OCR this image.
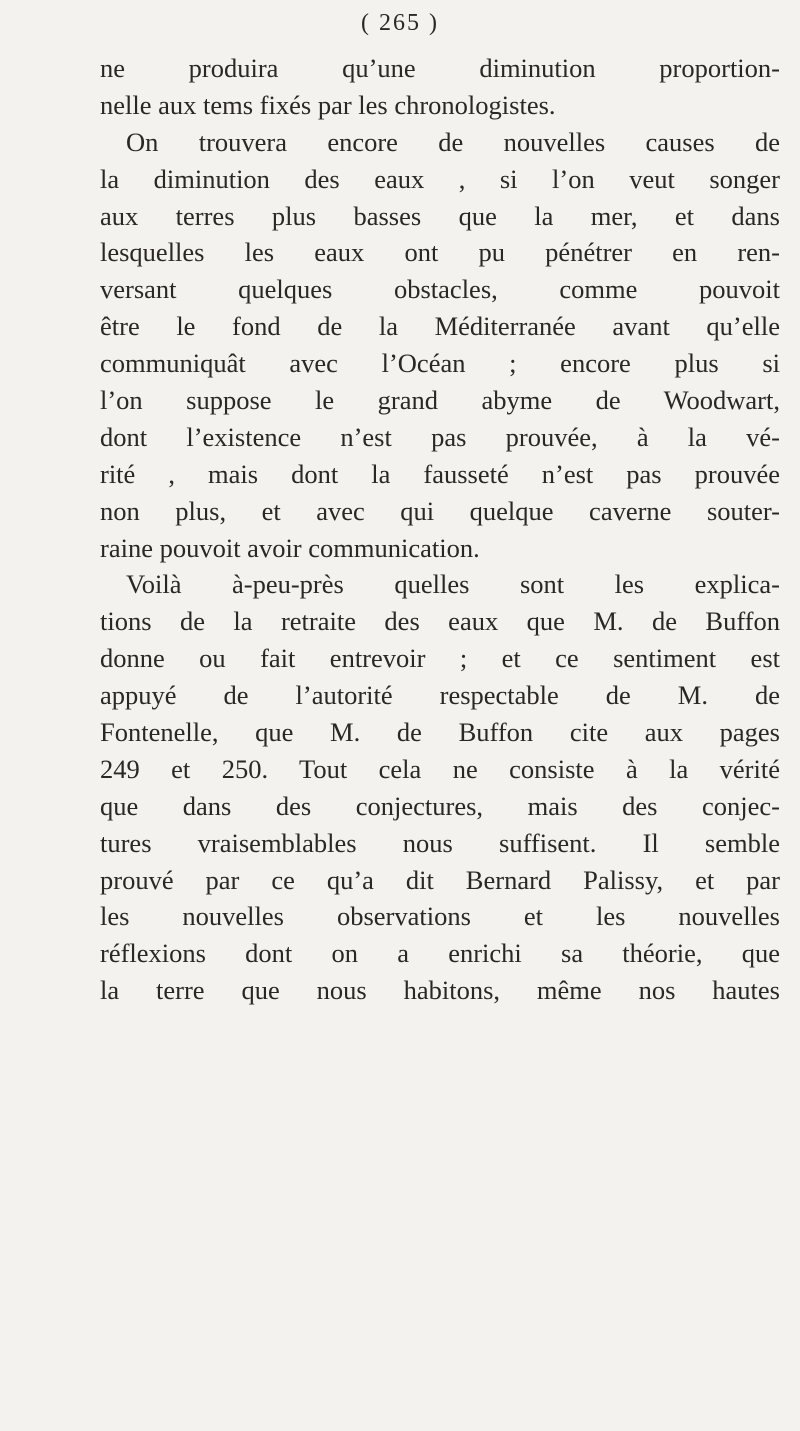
( 265 )
ne produira qu’une diminution proportion-
nelle aux tems fixés par les chronologistes.
On trouvera encore de nouvelles causes de
la diminution des eaux , si l’on veut songer
aux terres plus basses que la mer, et dans
lesquelles les eaux ont pu pénétrer en ren-
versant quelques obstacles, comme pouvoit
être le fond de la Méditerranée avant qu’elle
communiquât avec l’Océan ; encore plus si
l’on suppose le grand abyme de Woodwart,
dont l’existence n’est pas prouvée, à la vé-
rité , mais dont la fausseté n’est pas prouvée
non plus, et avec qui quelque caverne souter-
raine pouvoit avoir communication.
Voilà à-peu-près quelles sont les explica-
tions de la retraite des eaux que M. de Buffon
donne ou fait entrevoir ; et ce sentiment est
appuyé de l’autorité respectable de M. de
Fontenelle, que M. de Buffon cite aux pages
249 et 250. Tout cela ne consiste à la vérité
que dans des conjectures, mais des conjec-
tures vraisemblables nous suffisent. Il semble
prouvé par ce qu’a dit Bernard Palissy, et par
les nouvelles observations et les nouvelles
réflexions dont on a enrichi sa théorie, que
la terre que nous habitons, même nos hautes
